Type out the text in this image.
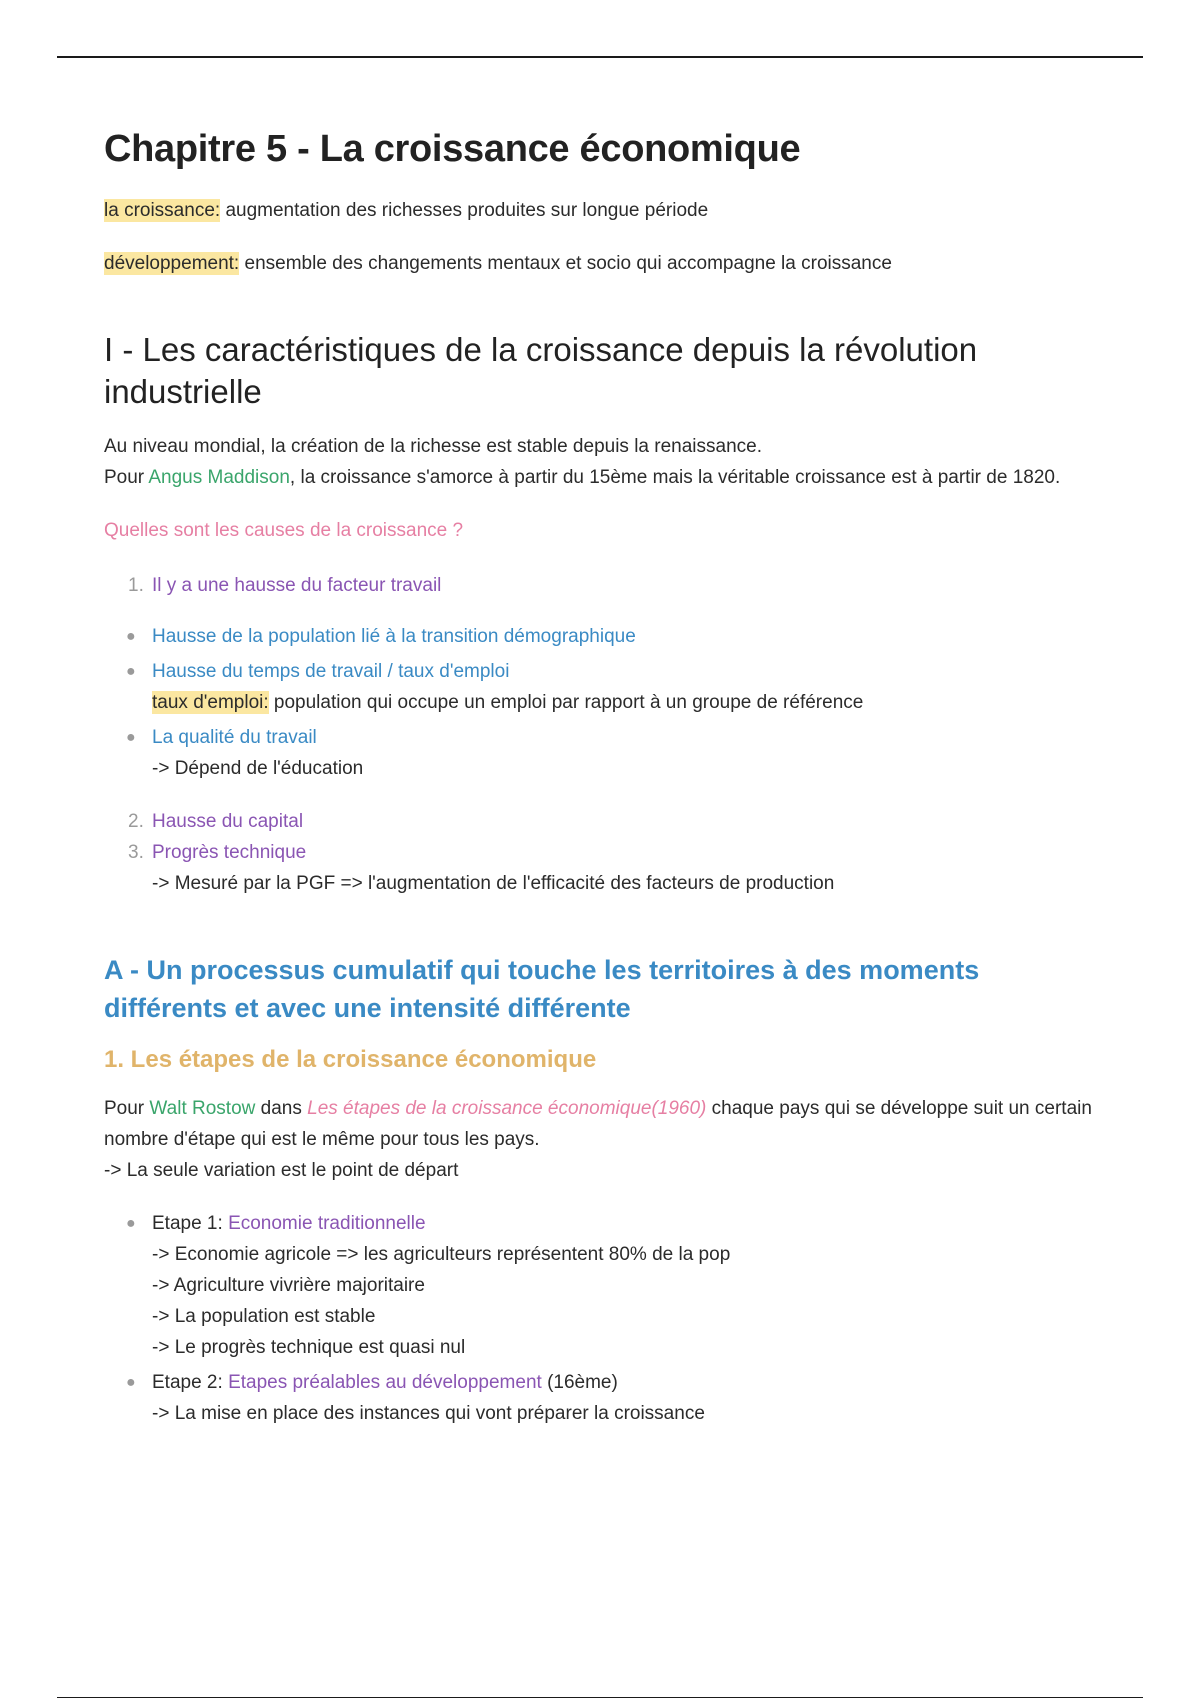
Chapitre 5 - La croissance économique

la croissance: augmentation des richesses produites sur longue période

développement: ensemble des changements mentaux et socio qui accompagne la croissance

I - Les caractéristiques de la croissance depuis la révolution industrielle

Au niveau mondial, la création de la richesse est stable depuis la renaissance.

Pour Angus Maddison, la croissance s'amorce à partir du 15ème mais la véritable croissance est à partir de 1820.

Quelles sont les causes de la croissance ?

1. Il y a une hausse du facteur travail
● Hausse de la population lié à la transition démographique
● Hausse du temps de travail / taux d'emploi
taux d'emploi: population qui occupe un emploi par rapport à un groupe de référence
● La qualité du travail
-> Dépend de l'éducation
2. Hausse du capital
3. Progrès technique
-> Mesuré par la PGF => l'augmentation de l'efficacité des facteurs de production
A - Un processus cumulatif qui touche les territoires à des moments différents et avec une intensité différente
1. Les étapes de la croissance économique

Pour Walt Rostow dans Les étapes de la croissance économique(1960) chaque pays qui se développe suit un certain nombre d'étape qui est le même pour tous les pays.

-> La seule variation est le point de départ

● Etape 1: Economie traditionnelle
-> Economie agricole => les agriculteurs représentent 80% de la pop
-> Agriculture vivrière majoritaire
-> La population est stable
-> Le progrès technique est quasi nul
● Etape 2: Etapes préalables au développement (16ème)
-> La mise en place des instances qui vont préparer la croissance
